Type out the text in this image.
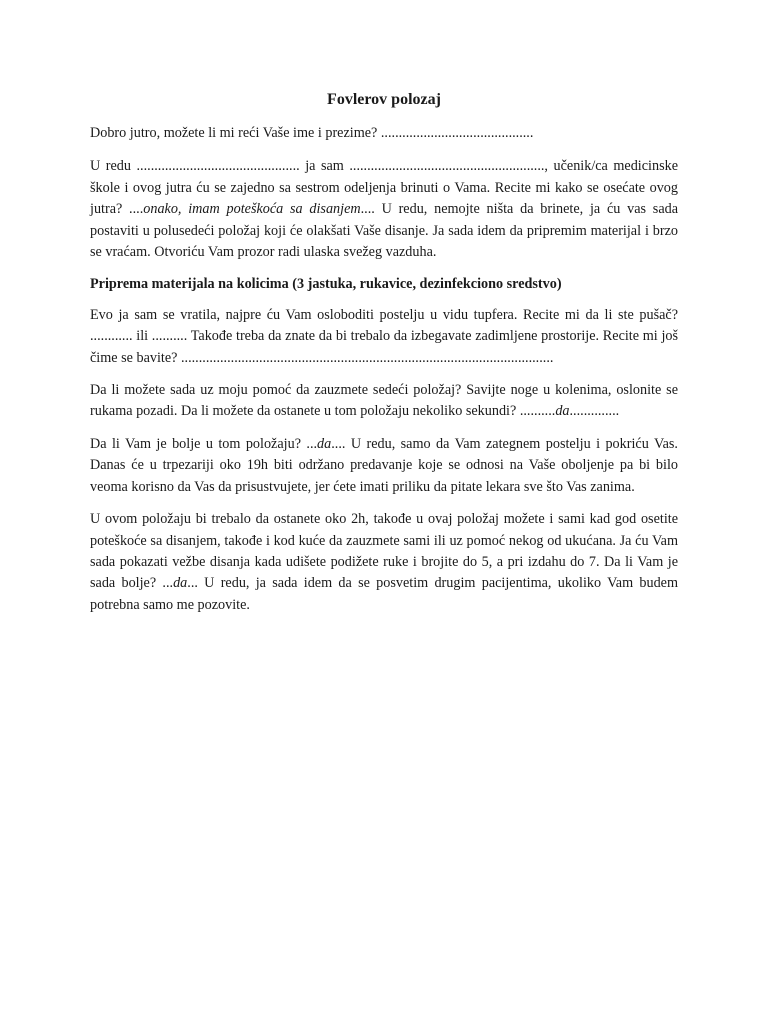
Fovlerov polozaj

Dobro jutro, možete li mi reći Vaše ime i prezime? ...........................................

U redu .............................................. ja sam ......................................................., učenik/ca medicinske škole i ovog jutra ću se zajedno sa sestrom odeljenja brinuti o Vama. Recite mi kako se osećate ovog jutra? ....onako, imam poteškoća sa disanjem.... U redu, nemojte ništa da brinete, ja ću vas sada postaviti u polusedeći položaj koji će olakšati Vaše disanje. Ja sada idem da pripremim materijal i brzo se vraćam. Otvoriću Vam prozor radi ulaska svežeg vazduha.

Priprema materijala na kolicima (3 jastuka, rukavice, dezinfekciono sredstvo)

Evo ja sam se vratila, najpre ću Vam osloboditi postelju u vidu tupfera. Recite mi da li ste pušač? ............ ili .......... Takođe treba da znate da bi trebalo da izbegavate zadimljene prostorije. Recite mi još čime se bavite? .........................................................................................................

Da li možete sada uz moju pomoć da zauzmete sedeći položaj? Savijte noge u kolenima, oslonite se rukama pozadi. Da li možete da ostanete u tom položaju nekoliko sekundi? ..........da..............

Da li Vam je bolje u tom položaju? ...da.... U redu, samo da Vam zategnem postelju i pokriću Vas. Danas će u trpezariji oko 19h biti održano predavanje koje se odnosi na Vaše oboljenje pa bi bilo veoma korisno da Vas da prisustvujete, jer ćete imati priliku da pitate lekara sve što Vas zanima.

U ovom položaju bi trebalo da ostanete oko 2h, takođe u ovaj položaj možete i sami kad god osetite poteškoće sa disanjem, takođe i kod kuće da zauzmete sami ili uz pomoć nekog od ukućana. Ja ću Vam sada pokazati vežbe disanja kada udišete podižete ruke i brojite do 5, a pri izdahu do 7. Da li Vam je sada bolje? ...da... U redu, ja sada idem da se posvetim drugim pacijentima, ukoliko Vam budem potrebna samo me pozovite.
